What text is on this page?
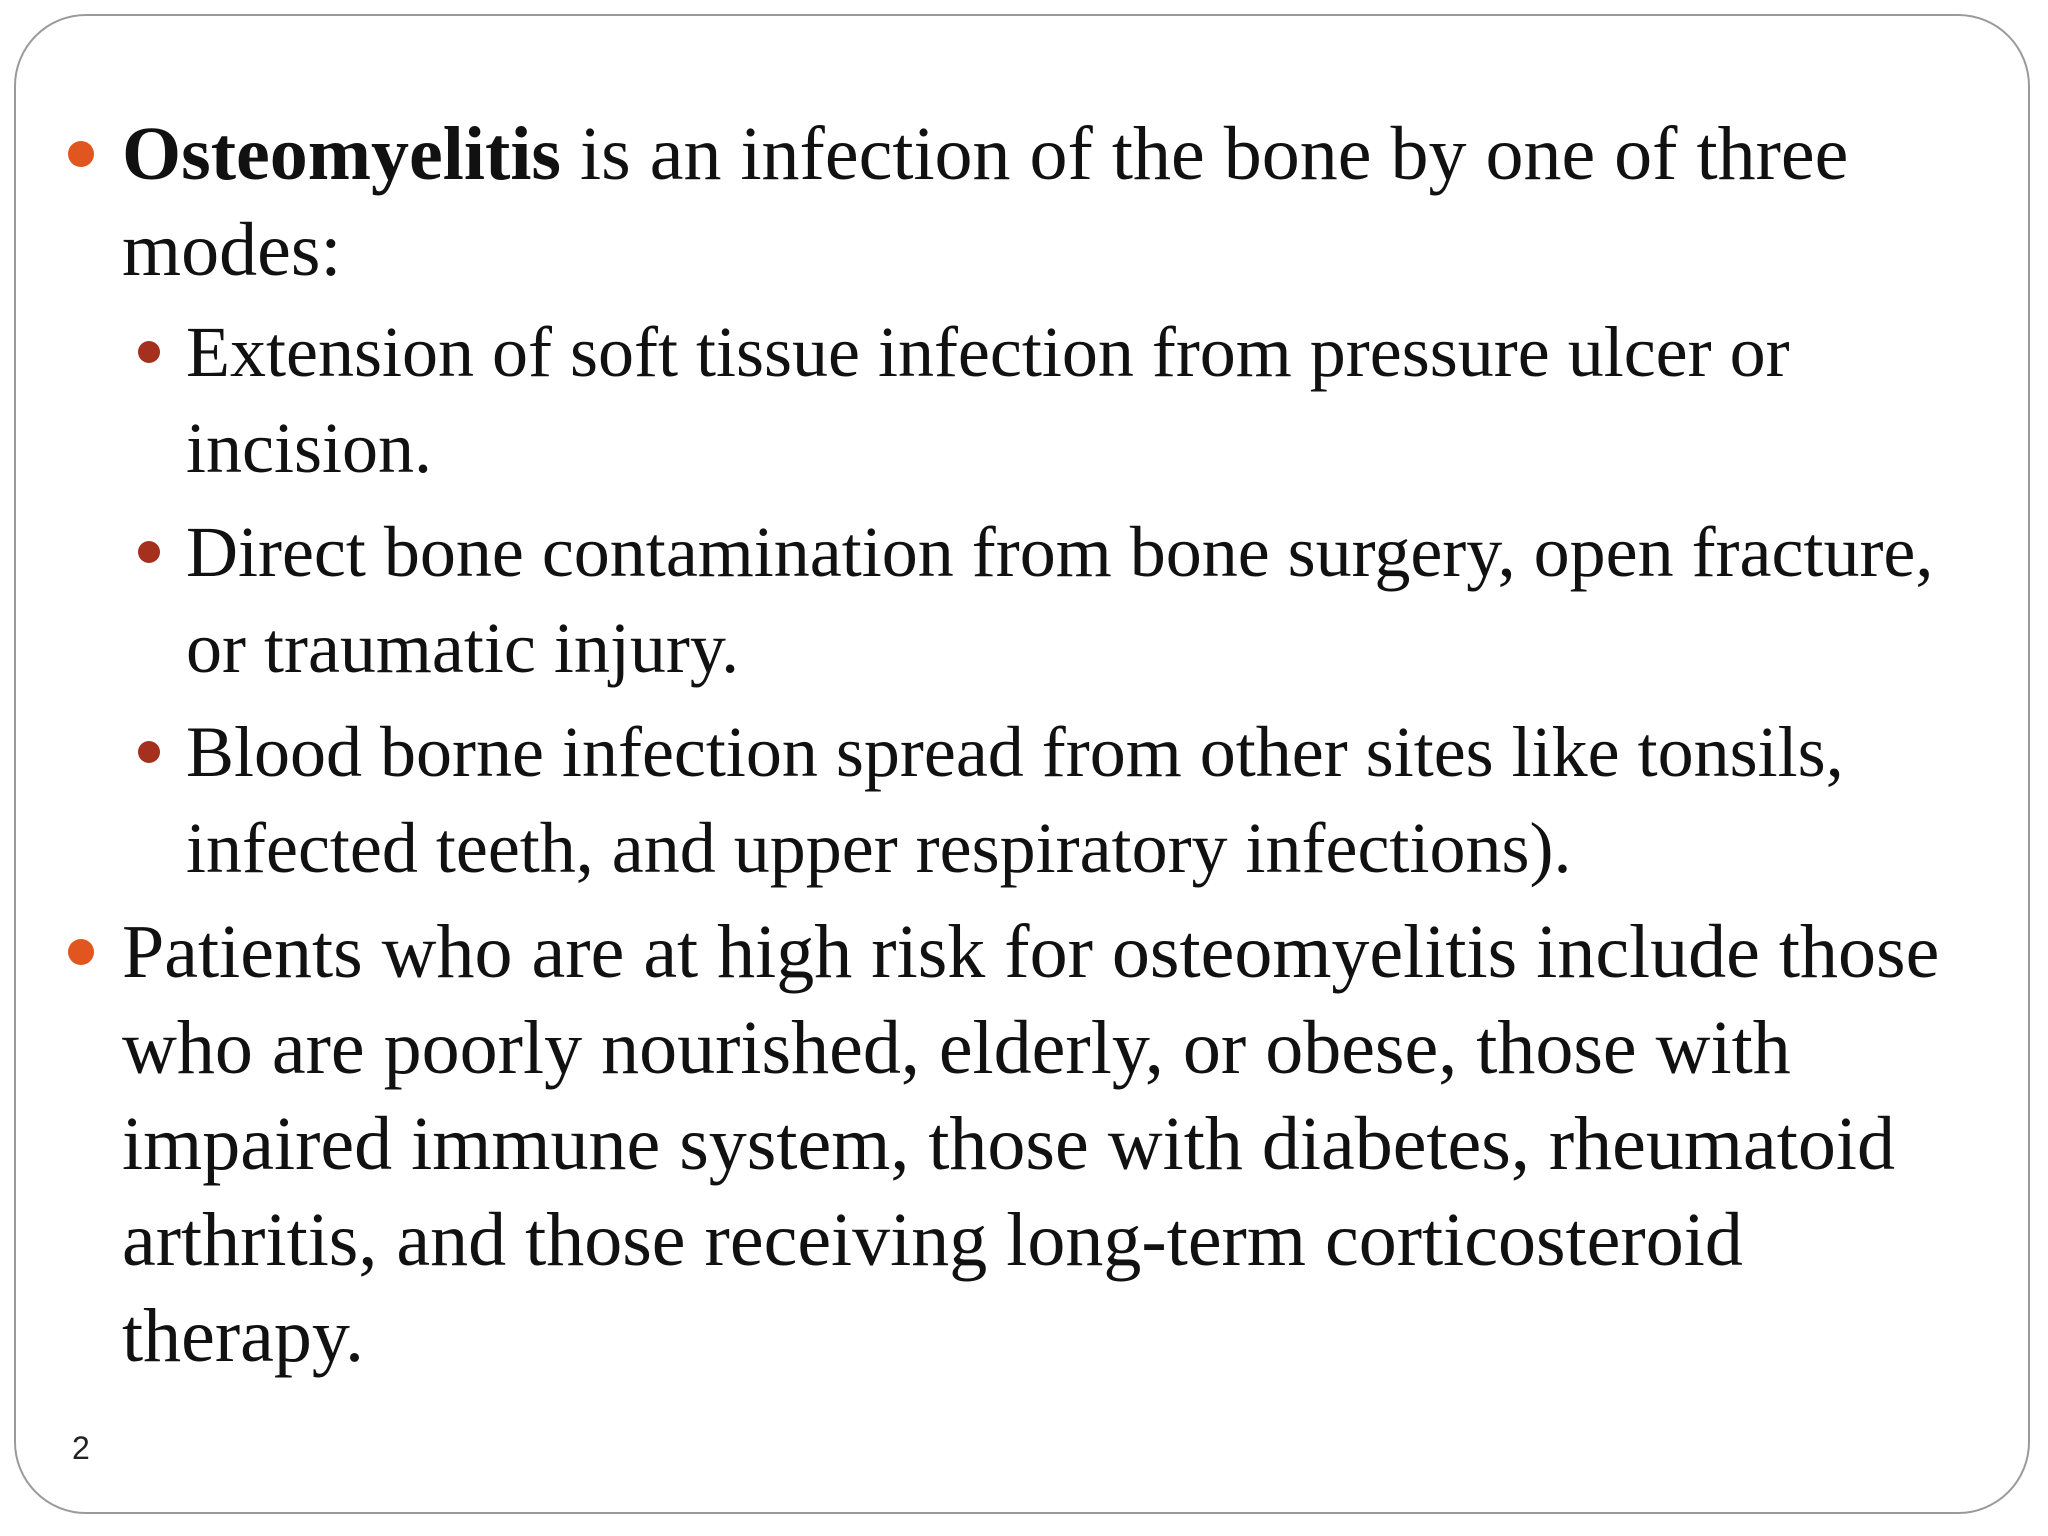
Osteomyelitis is an infection of the bone by one of three modes:
Extension of soft tissue infection from pressure ulcer or incision.
Direct bone contamination from bone surgery, open fracture, or traumatic injury.
Blood borne infection spread from other sites like tonsils, infected teeth, and upper respiratory infections).
Patients who are at high risk for osteomyelitis include those who are poorly nourished, elderly, or obese, those with impaired immune system, those with diabetes, rheumatoid arthritis, and those receiving long-term corticosteroid therapy.
2
